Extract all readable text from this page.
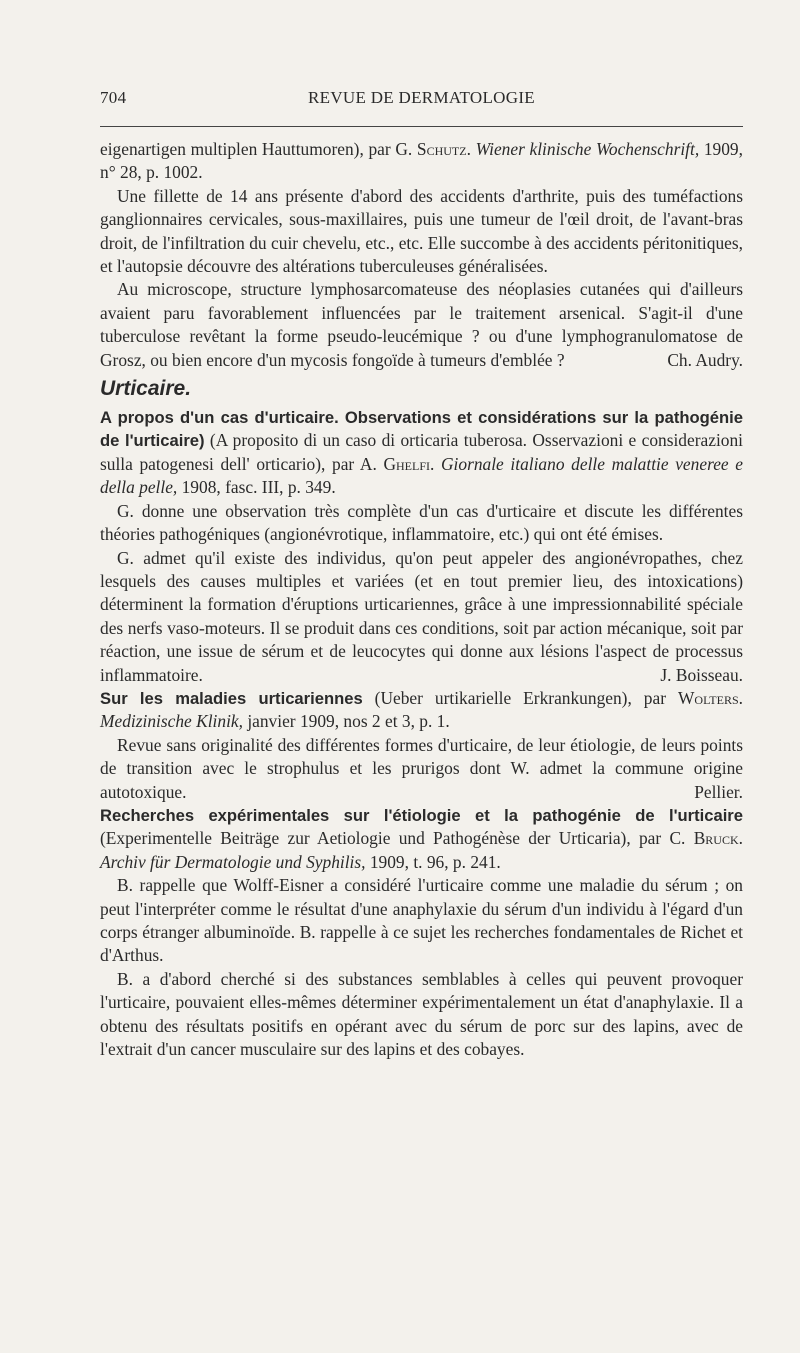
704	REVUE DE DERMATOLOGIE

eigenartigen multiplen Hauttumoren), par G. Schutz. Wiener klinische Wochenschrift, 1909, n° 28, p. 1002.

Une fillette de 14 ans présente d'abord des accidents d'arthrite, puis des tuméfactions ganglionnaires cervicales, sous-maxillaires, puis une tumeur de l'œil droit, de l'avant-bras droit, de l'infiltration du cuir chevelu, etc., etc. Elle succombe à des accidents péritonitiques, et l'autopsie découvre des altérations tuberculeuses généralisées.

Au microscope, structure lymphosarcomateuse des néoplasies cutanées qui d'ailleurs avaient paru favorablement influencées par le traitement arsenical. S'agit-il d'une tuberculose revêtant la forme pseudo-leucémique ? ou d'une lymphogranulomatose de Grosz, ou bien encore d'un mycosis fongoïde à tumeurs d'emblée ?	Ch. Audry.

Urticaire.

A propos d'un cas d'urticaire. Observations et considérations sur la pathogénie de l'urticaire) (A proposito di un caso di orticaria tuberosa. Osservazioni e considerazioni sulla patogenesi dell' orticario), par A. Ghelfi. Giornale italiano delle malattie veneree e della pelle, 1908, fasc. III, p. 349.

G. donne une observation très complète d'un cas d'urticaire et discute les différentes théories pathogéniques (angionévrotique, inflammatoire, etc.) qui ont été émises.

G. admet qu'il existe des individus, qu'on peut appeler des angionévropathes, chez lesquels des causes multiples et variées (et en tout premier lieu, des intoxications) déterminent la formation d'éruptions urticariennes, grâce à une impressionnabilité spéciale des nerfs vaso-moteurs. Il se produit dans ces conditions, soit par action mécanique, soit par réaction, une issue de sérum et de leucocytes qui donne aux lésions l'aspect de processus inflammatoire.	J. Boisseau.

Sur les maladies urticariennes (Ueber urtikarielle Erkrankungen), par Wolters. Medizinische Klinik, janvier 1909, nos 2 et 3, p. 1.

Revue sans originalité des différentes formes d'urticaire, de leur étiologie, de leurs points de transition avec le strophulus et les prurigos dont W. admet la commune origine autotoxique.	Pellier.

Recherches expérimentales sur l'étiologie et la pathogénie de l'urticaire (Experimentelle Beiträge zur Aetiologie und Pathogénèse der Urticaria), par C. Bruck. Archiv für Dermatologie und Syphilis, 1909, t. 96, p. 241.

B. rappelle que Wolff-Eisner a considéré l'urticaire comme une maladie du sérum ; on peut l'interpréter comme le résultat d'une anaphylaxie du sérum d'un individu à l'égard d'un corps étranger albuminoïde. B. rappelle à ce sujet les recherches fondamentales de Richet et d'Arthus.

B. a d'abord cherché si des substances semblables à celles qui peuvent provoquer l'urticaire, pouvaient elles-mêmes déterminer expérimentalement un état d'anaphylaxie. Il a obtenu des résultats positifs en opérant avec du sérum de porc sur des lapins, avec de l'extrait d'un cancer musculaire sur des lapins et des cobayes.
